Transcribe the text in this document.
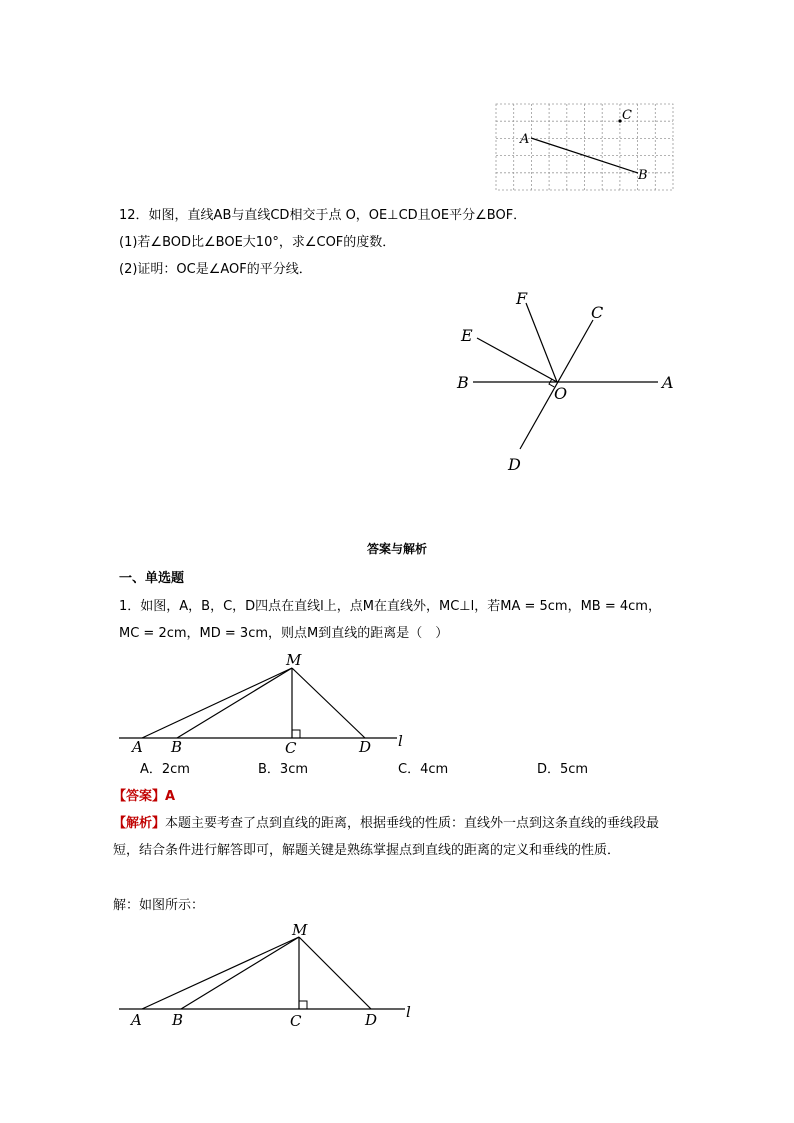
C
A
B
12．如图，直线AB与直线CD相交于点 O，OE⊥CD且OE平分∠BOF．
(1)若∠BOD比∠BOE大10°，求∠COF的度数．
(2)证明：OC是∠AOF的平分线．
F
C
E
B
O
A
D
答案与解析
一、单选题
1．如图，A，B，C，D四点在直线l上，点M在直线外，MC⊥l，若MA = 5cm，MB = 4cm，
MC = 2cm，MD = 3cm，则点M到直线的距离是（　）
M
A B	C	D l
A．2cm	B．3cm	C．4cm	D．5cm
【答案】A
【解析】本题主要考查了点到直线的距离，根据垂线的性质：直线外一点到这条直线的垂线段最短，结合条件进行解答即可，解题关键是熟练掌握点到直线的距离的定义和垂线的性质．
解：如图所示：
M
A B	C	D l
